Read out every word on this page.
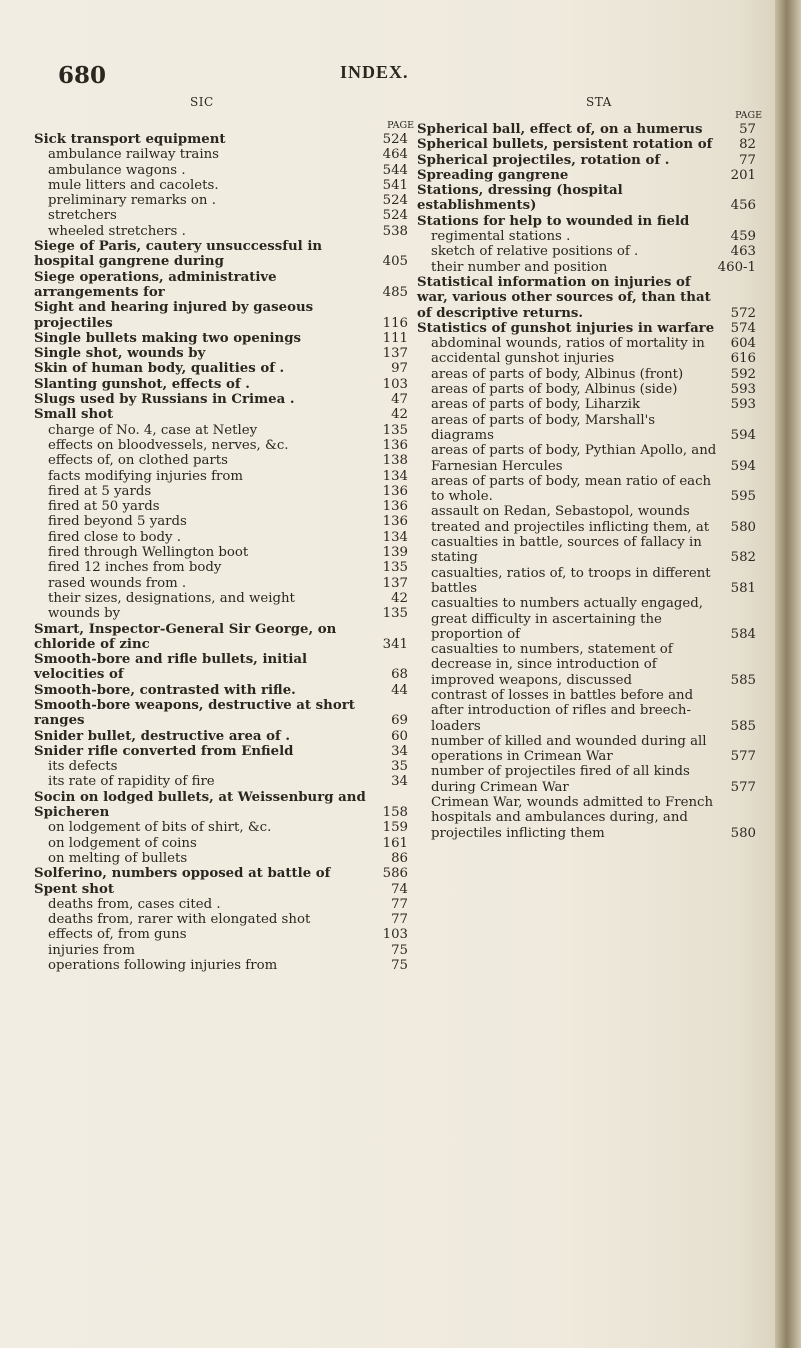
680	INDEX.
SIC	STA
PAGE
Sick transport equipment	524
ambulance railway trains	464
ambulance wagons .	544
mule litters and cacolets.	541
preliminary remarks on .	524
stretchers	524
wheeled stretchers .	538
Siege of Paris, cautery unsuccessful in hospital gangrene during	405
Siege operations, administrative arrangements for	485
Sight and hearing injured by gaseous projectiles	116
Single bullets making two openings	111
Single shot, wounds by	137
Skin of human body, qualities of .	97
Slanting gunshot, effects of .	103
Slugs used by Russians in Crimea .	47
Small shot	42
charge of No. 4, case at Netley	135
effects on bloodvessels, nerves, &c.	136
effects of, on clothed parts	138
facts modifying injuries from	134
fired at 5 yards	136
fired at 50 yards	136
fired beyond 5 yards	136
fired close to body .	134
fired through Wellington boot	139
fired 12 inches from body	135
rased wounds from .	137
their sizes, designations, and weight	42
wounds by	135
Smart, Inspector-General Sir George, on chloride of zinc	341
Smooth-bore and rifle bullets, initial velocities of	68
Smooth-bore, contrasted with rifle.	44
Smooth-bore weapons, destructive at short ranges	69
Snider bullet, destructive area of .	60
Snider rifle converted from Enfield	34
its defects	35
its rate of rapidity of fire	34
Socin on lodged bullets, at Weissenburg and Spicheren	158
on lodgement of bits of shirt, &c.	159
on lodgement of coins	161
on melting of bullets	86
Solferino, numbers opposed at battle of	586
Spent shot	74
deaths from, cases cited .	77
deaths from, rarer with elongated shot	77
effects of, from guns	103
injuries from	75
operations following injuries from	75
PAGE
Spherical ball, effect of, on a humerus	57
Spherical bullets, persistent rotation of	82
Spherical projectiles, rotation of .	77
Spreading gangrene	201
Stations, dressing (hospital establishments)	456
Stations for help to wounded in field
regimental stations .	459
sketch of relative positions of .	463
their number and position	460-1
Statistical information on injuries of war, various other sources of, than that of descriptive returns.	572
Statistics of gunshot injuries in warfare 574
abdominal wounds, ratios of mortality in	604
accidental gunshot injuries	616
areas of parts of body, Albinus (front)	592
areas of parts of body, Albinus (side)	593
areas of parts of body, Liharzik	593
areas of parts of body, Marshall's diagrams	594
areas of parts of body, Pythian Apollo, and Farnesian Hercules	594
areas of parts of body, mean ratio of each to whole.	595
assault on Redan, Sebastopol, wounds treated and projectiles inflicting them, at	580
casualties in battle, sources of fallacy in stating	582
casualties, ratios of, to troops in different battles	581
casualties to numbers actually engaged, great difficulty in ascertaining the proportion of	584
casualties to numbers, statement of decrease in, since introduction of improved weapons, discussed	585
contrast of losses in battles before and after introduction of rifles and breech-loaders	585
number of killed and wounded during all operations in Crimean War	577
number of projectiles fired of all kinds during Crimean War	577
Crimean War, wounds admitted to French hospitals and ambulances during, and projectiles inflicting them	580
